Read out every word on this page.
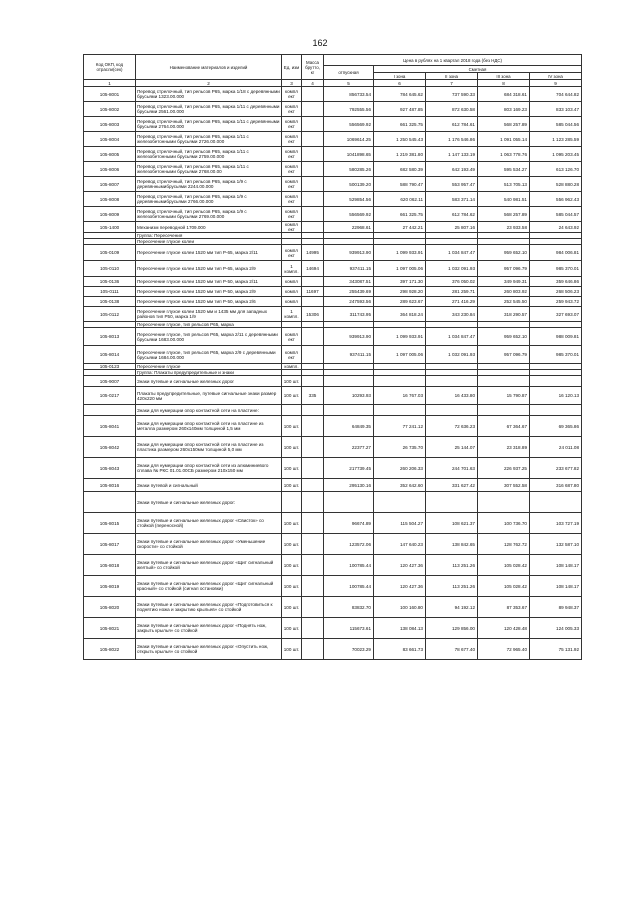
162
Код ОКП, код отрасли(сек)	Наименование материалов и изделий	Ед. изм	Масса брутто, кг	Цена в рублях на 1 квартал 2018 года (без НДС)				
				отпускная	Сметная			
					I зона	II зона	III зона	IV зона
1	2	3	4	5	6	7	8	9
105-8001	Перевод стрелочный, тип рельсов Р65, марка 1/18 с деревянными брусьями 1323.00.000	компл ект		856733.54	784 645.62	737 590.33	684 318.61	704 644.82
105-8002	Перевод стрелочный, тип рельсов Р65, марка 1/11 с деревянными брусьями 2561.00.000	компл ект		792555.56	927 487.85	872 630.58	803 169.23	833 103.47
105-8003	Перевод стрелочный, тип рельсов Р65, марка 1/11 с деревянными брусьями 2764.00.000	компл ект		556569.92	661 325.75	612 784.61	568 257.89	585 044.56
105-8004	Перевод стрелочный, тип рельсов Р65, марка 1/11 с железобетонными брусьями 2726.00.000	компл ект		1069614.25	1 250 545.43	1 176 546.86	1 091 055.14	1 123 285.59
105-8005	Перевод стрелочный, тип рельсов Р65, марка 1/11 с железобетонными брусьями 2759.00.000	компл ект		1041898.65	1 219 381.80	1 147 133.19	1 063 778.76	1 095 203.45
105-8006	Перевод стрелочный, тип рельсов Р65, марка 1/11 с железобетонными брусьями 2768.00.00	компл ект		580285.26	682 580.39	642 193.49	595 534.27	613 126.70
105-8007	Перевод стрелочный, тип рельсов Р65, марка 1/9 с деревяннымибрусьями 2244.00.000	компл ект		500139.20	588 790.47	553 957.47	513 705.13	528 880.28
105-8008	Перевод стрелочный, тип рельсов Р65, марка 1/9 с деревяннымибрусьями 2766.00.000	компл ект		529854.56	620 062.11	583 371.14	540 981.51	556 962.43
105-8009	Перевод стрелочный, тип рельсов Р65, марка 1/9 с железобетонными брусьями 2769.00.000	компл ект		556569.92	661 325.75	612 784.62	568 257.89	585 044.57
105-1400	Механизм переводной 1709.000	компл ект		22968.61	27 442.21	25 807.16	23 933.58	24 643.92
	Группа: Пересечения							
	Пересечение глухое колеи							
105-0109	Пересечение глухое колеи 1520 мм тип Р-65, марка 2/11	компл ект	14995	939913.90	1 099 933.91	1 034 847.47	959 652.10	984 006.81
105-0110	Пересечение глухое колеи 1520 мм тип Р-65, марка 2/9	1 компл.	14694	937411.15	1 097 005.06	1 032 091.93	957 096.79	985 370.01
105-0136	Пересечение глухое колеи 1520 мм тип Р-50, марка 2/11	компл		343087.51	397 171.30	376 050.02	349 949.31	359 646.86
105-0111	Пересечение глухое колеи 1520 мм тип Р-50, марка 2/9	компл	11697	255439.69	298 928.20	281 259.71	260 803.92	268 506.23
105-0138	Пересечение глухое колеи 1520 мм тип Р-50, марка 2/6	компл		247593.56	289 623.67	271 416.29	252 545.50	259 943.72
105-0112	Пересечение глухое колеи 1520 мм и 1435 мм для западных районов тип Р50, марка 1/9	1 компл.	15306	311743.95	364 818.24	343 230.84	318 290.57	327 693.07
	Пересечение глухое, тип рельсов Р65, марка							
105-8013	Пересечение глухое, тип рельсов Р65, марка 2/11 с деревянными брусьями 1683.00.000	компл ект		939913.90	1 099 933.91	1 034 847.47	959 652.10	988 009.81
105-8014	Пересечение глухое, тип рельсов Р65, марка 2/9 с деревянными брусьями 1684.00.000	компл ект		937411.15	1 097 005.06	1 032 091.93	957 096.79	985 370.01
105-0123	Пересечение глухое	компл.						
	Группа: Плакаты предупредительные и знаки							
105-9007	Знаки путевые и сигнальные железных дорог	100 шт.						
105-0217	Плакаты предупредительные, путевые сигнальные знаки размер 420х220 мм	100 шт.	335	10293.93	16 767.03	16 433.80	15 790.87	16 120.13
	Знаки для нумерации опор контактной сети на пластине:							
105-8041	Знаки для нумерации опор контактной сети на пластине из металла размером 260х140мм толщиной 1,5 мм	100 шт.		64849.35	77 241.12	72 636.23	67 364.67	69 365.86
105-8042	Знаки для нумерации опор контактной сети на пластине из пластика размером 260х150мм толщиной 5,0 мм	100 шт.		22377.27	26 735.70	25 144.07	23 318.89	24 011.08
105-8043	Знаки для нумерации опор контактной сети из алюминиевого сплава № РКС 01.01.00СБ размером 210х150 мм	100 шт.		217739.45	260 206.33	244 701.63	226 937.25	233 677.82
105-8016	Знаки путевой и сигнальный	100 шт.		295130.16	352 642.60	331 627.42	307 552.58	316 687.80
	Знаки путевые и сигнальные железных дорог:							
105-8015	Знаки путевые и сигнальные железных дорог «Свисток» со стойкой (переносной)	100 шт.		96674.89	115 504.27	108 621.37	100 736.70	103 727.19
105-8017	Знаки путевые и сигнальные железных дорог «Уменьшение скорости» со стойкой	100 шт.		123572.06	147 640.23	138 842.65	128 762.72	132 587.10
105-8018	Знаки путевые и сигнальные железных дорог «Щит сигнальный желтый» со стойкой	100 шт.		100785.44	120 427.36	113 251.26	105 028.42	108 148.17
105-8019	Знаки путевые и сигнальные железных дорог «Щит сигнальный красный» со стойкой (сигнал остановки)	100 шт.		100785.44	120 427.36	113 251.26	105 028.42	108 148.17
105-8020	Знаки путевые и сигнальные железных дорог «Подготовиться к поднятию ножа и закрытию крыльев» со стойкой	100 шт.		83832.70	100 160.80	94 192.12	87 353.67	89 948.37
105-8021	Знаки путевые и сигнальные железных дорог «Поднять нож, закрыть крылья» со стойкой	100 шт.		115673.61	138 084.13	129 856.00	120 428.48	124 005.33
105-8022	Знаки путевые и сигнальные железных дорог «Опустить нож, открыть крылья» со стойкой	100 шт.		70023.29	83 661.73	78 677.40	72 965.40	75 131.92
